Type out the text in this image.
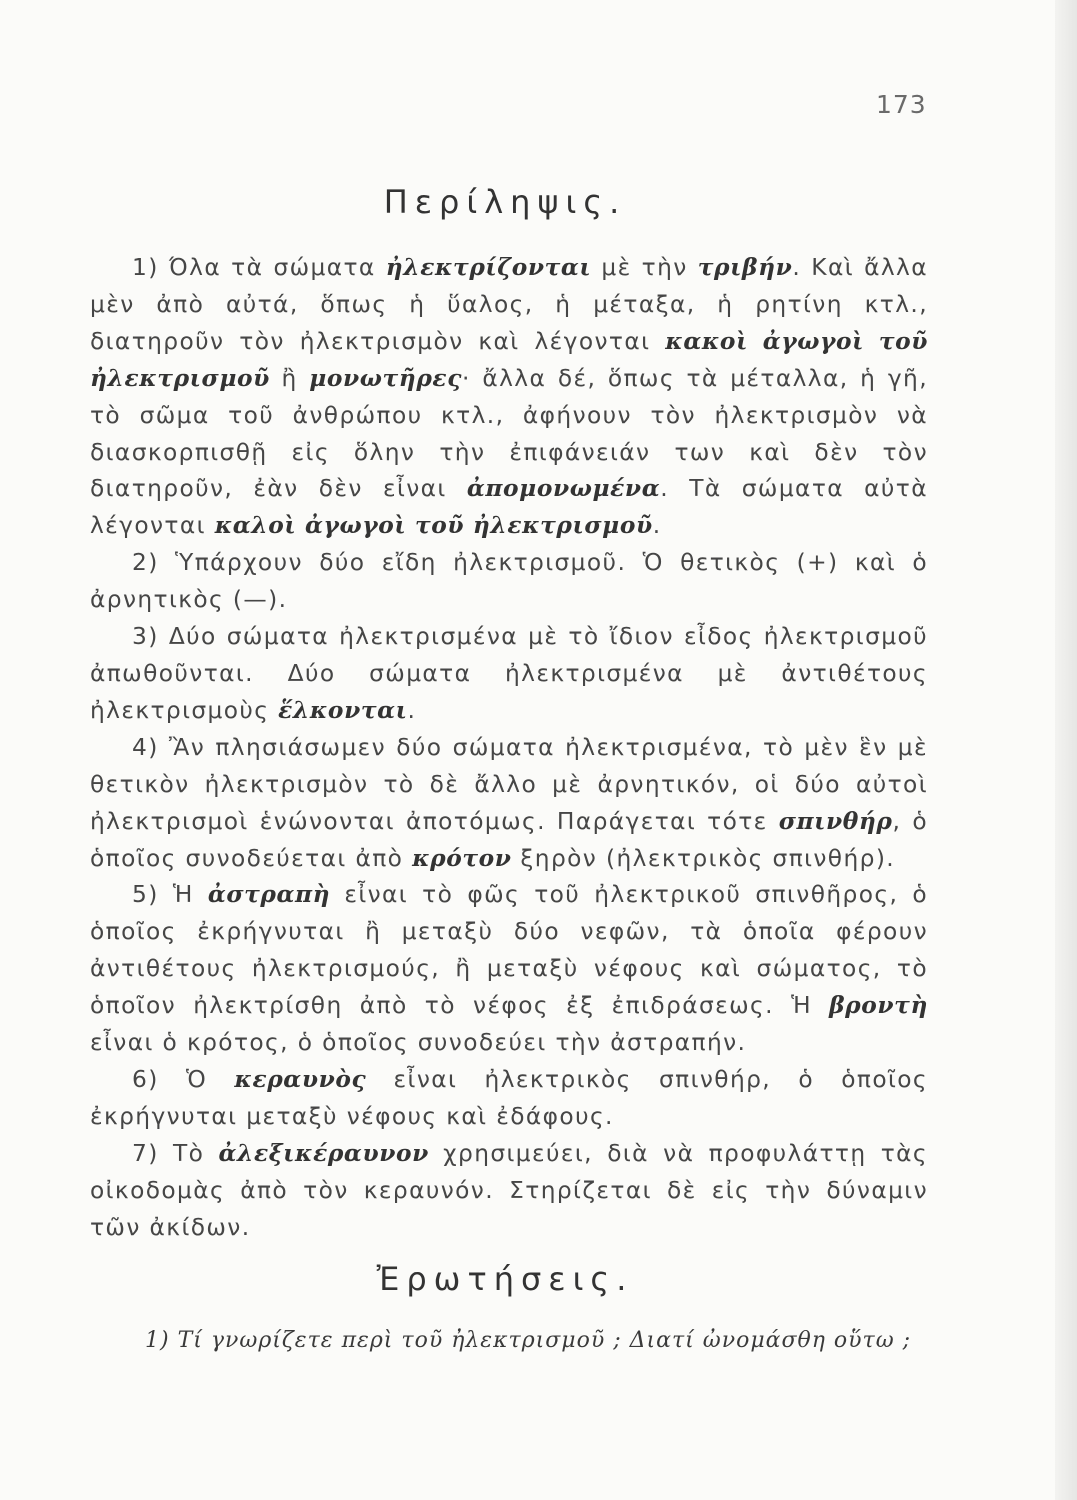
173
Περίληψις.

1) Όλα τὰ σώματα ἠλεκτρίζονται μὲ τὴν τριβήν. Καὶ ἄλλα μὲν ἀπὸ αὐτά, ὅπως ἡ ὕαλος, ἡ μέταξα, ἡ ρητίνη κτλ., διατηροῦν τὸν ἠλεκτρισμὸν καὶ λέγονται κακοὶ ἀγωγοὶ τοῦ ἠλεκτρισμοῦ ἢ μονωτῆρες· ἄλλα δέ, ὅπως τὰ μέταλλα, ἡ γῆ, τὸ σῶμα τοῦ ἀνθρώπου κτλ., ἀφήνουν τὸν ἠλεκτρισμὸν νὰ διασκορπισθῇ εἰς ὅλην τὴν ἐπιφάνειάν των καὶ δὲν τὸν διατηροῦν, ἐὰν δὲν εἶναι ἀπομονωμένα. Τὰ σώματα αὐτὰ λέγονται καλοὶ ἀγωγοὶ τοῦ ἠλεκτρισμοῦ.

2) Ὑπάρχουν δύο εἴδη ἠλεκτρισμοῦ. Ὁ θετικὸς (+) καὶ ὁ ἀρνητικὸς (—).

3) Δύο σώματα ἠλεκτρισμένα μὲ τὸ ἴδιον εἶδος ἠλεκτρισμοῦ ἀπωθοῦνται. Δύο σώματα ἠλεκτρισμένα μὲ ἀντιθέτους ἠλεκτρισμοὺς ἕλκονται.

4) Ἂν πλησιάσωμεν δύο σώματα ἠλεκτρισμένα, τὸ μὲν ἓν μὲ θετικὸν ἠλεκτρισμὸν τὸ δὲ ἄλλο μὲ ἀρνητικόν, οἱ δύο αὐτοὶ ἠλεκτρισμοὶ ἑνώνονται ἀποτόμως. Παράγεται τότε σπινθήρ, ὁ ὁποῖος συνοδεύεται ἀπὸ κρότον ξηρὸν (ἠλεκτρικὸς σπινθήρ).

5) Ἡ ἀστραπὴ εἶναι τὸ φῶς τοῦ ἠλεκτρικοῦ σπινθῆρος, ὁ ὁποῖος ἐκρήγνυται ἢ μεταξὺ δύο νεφῶν, τὰ ὁποῖα φέρουν ἀντιθέτους ἠλεκτρισμούς, ἢ μεταξὺ νέφους καὶ σώματος, τὸ ὁποῖον ἠλεκτρίσθη ἀπὸ τὸ νέφος ἐξ ἐπιδράσεως. Ἡ βροντὴ εἶναι ὁ κρότος, ὁ ὁποῖος συνοδεύει τὴν ἀστραπήν.

6) Ὁ κεραυνὸς εἶναι ἠλεκτρικὸς σπινθήρ, ὁ ὁποῖος ἐκρήγνυται μεταξὺ νέφους καὶ ἐδάφους.

7) Τὸ ἀλεξικέραυνον χρησιμεύει, διὰ νὰ προφυλάττῃ τὰς οἰκοδομὰς ἀπὸ τὸν κεραυνόν. Στηρίζεται δὲ εἰς τὴν δύναμιν τῶν ἀκίδων.

Ἐρωτήσεις.
1) Τί γνωρίζετε περὶ τοῦ ἠλεκτρισμοῦ ; Διατί ὠνομάσθη οὕτω ;
